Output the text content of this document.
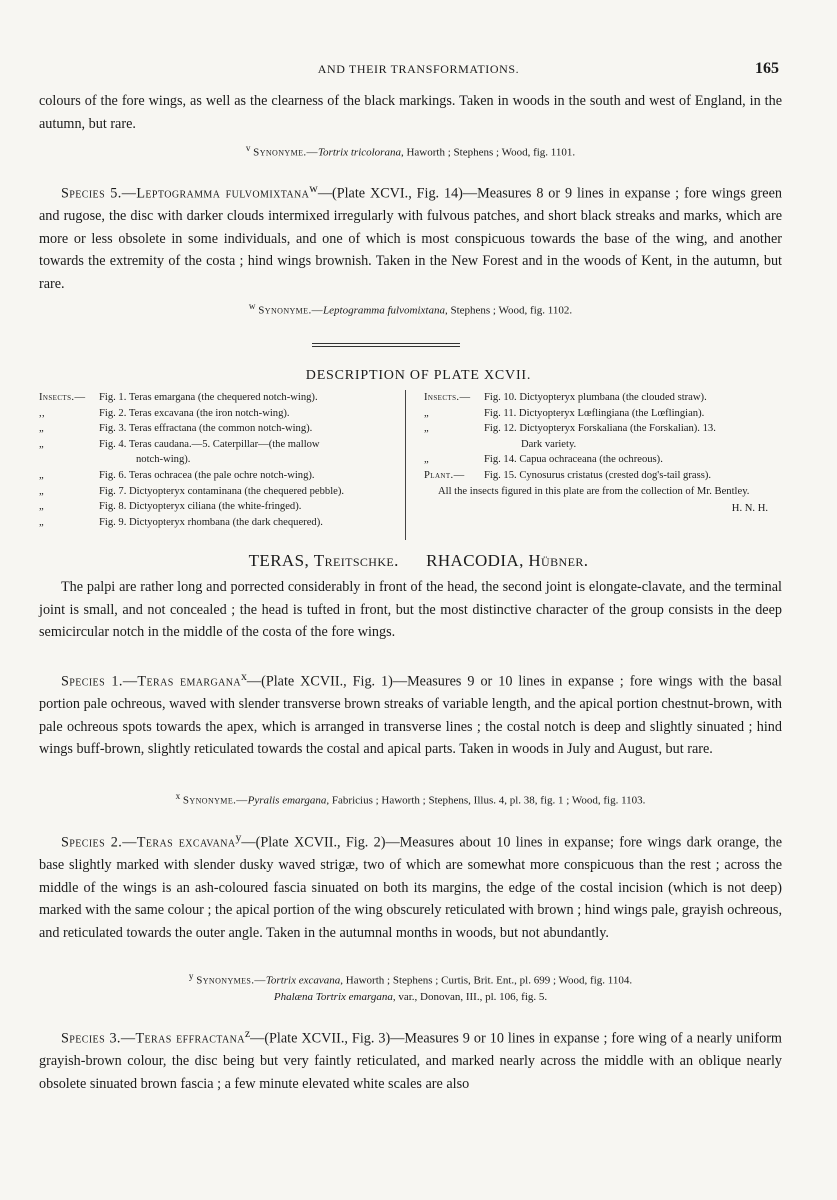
AND THEIR TRANSFORMATIONS.	165
colours of the fore wings, as well as the clearness of the black markings. Taken in woods in the south and west of England, in the autumn, but rare.
$^v$ Synonyme.—Tortrix tricolorana, Haworth ; Stephens ; Wood, fig. 1101.
Species 5.—Leptogramma fulvomixtana$^w$—(Plate XCVI., Fig. 14)—Measures 8 or 9 lines in expanse ; fore wings green and rugose, the disc with darker clouds intermixed irregularly with fulvous patches, and short black streaks and marks, which are more or less obsolete in some individuals, and one of which is most conspicuous towards the base of the wing, and another towards the extremity of the costa ; hind wings brownish. Taken in the New Forest and in the woods of Kent, in the autumn, but rare.
$^w$ Synonyme.—Leptogramma fulvomixtana, Stephens ; Wood, fig. 1102.
DESCRIPTION OF PLATE XCVII.
Insects.—	Fig. 1. Teras emargana (the chequered notch-wing).
,,	Fig. 2. Teras excavana (the iron notch-wing).
„	Fig. 3. Teras effractana (the common notch-wing).
„	Fig. 4. Teras caudana.—5. Caterpillar—(the mallow
notch-wing).
„	Fig. 6. Teras ochracea (the pale ochre notch-wing).
„	Fig. 7. Dictyopteryx contaminana (the chequered pebble).
„	Fig. 8. Dictyopteryx ciliana (the white-fringed).
„	Fig. 9. Dictyopteryx rhombana (the dark chequered).
Insects.—	Fig. 10. Dictyopteryx plumbana (the clouded straw).
„	Fig. 11. Dictyopteryx Lœflingiana (the Lœflingian).
„	Fig. 12. Dictyopteryx Forskaliana (the Forskalian). 13.
Dark variety.
„	Fig. 14. Capua ochraceana (the ochreous).
Plant.—	Fig. 15. Cynosurus cristatus (crested dog's-tail grass).
All the insects figured in this plate are from the collection of Mr. Bentley.
H. N. H.
TERAS, Treitschke. RHACODIA, Hübner.
The palpi are rather long and porrected considerably in front of the head, the second joint is elongate-clavate, and the terminal joint is small, and not concealed ; the head is tufted in front, but the most distinctive character of the group consists in the deep semicircular notch in the middle of the costa of the fore wings.
Species 1.—Teras emargana$^x$—(Plate XCVII., Fig. 1)—Measures 9 or 10 lines in expanse ; fore wings with the basal portion pale ochreous, waved with slender transverse brown streaks of variable length, and the apical portion chestnut-brown, with pale ochreous spots towards the apex, which is arranged in transverse lines ; the costal notch is deep and slightly sinuated ; hind wings buff-brown, slightly reticulated towards the costal and apical parts. Taken in woods in July and August, but rare.
$^x$ Synonyme.—Pyralis emargana, Fabricius ; Haworth ; Stephens, Illus. 4, pl. 38, fig. 1 ; Wood, fig. 1103.
Species 2.—Teras excavana$^y$—(Plate XCVII., Fig. 2)—Measures about 10 lines in expanse; fore wings dark orange, the base slightly marked with slender dusky waved strigæ, two of which are somewhat more conspicuous than the rest ; across the middle of the wings is an ash-coloured fascia sinuated on both its margins, the edge of the costal incision (which is not deep) marked with the same colour ; the apical portion of the wing obscurely reticulated with brown ; hind wings pale, grayish ochreous, and reticulated towards the outer angle. Taken in the autumnal months in woods, but not abundantly.
$^y$ Synonymes.—Tortrix excavana, Haworth ; Stephens ; Curtis, Brit. Ent., pl. 699 ; Wood, fig. 1104.
Phalæna Tortrix emargana, var., Donovan, III., pl. 106, fig. 5.
Species 3.—Teras effractana$^z$—(Plate XCVII., Fig. 3)—Measures 9 or 10 lines in expanse ; fore wing of a nearly uniform grayish-brown colour, the disc being but very faintly reticulated, and marked nearly across the middle with an oblique nearly obsolete sinuated brown fascia ; a few minute elevated white scales are also
